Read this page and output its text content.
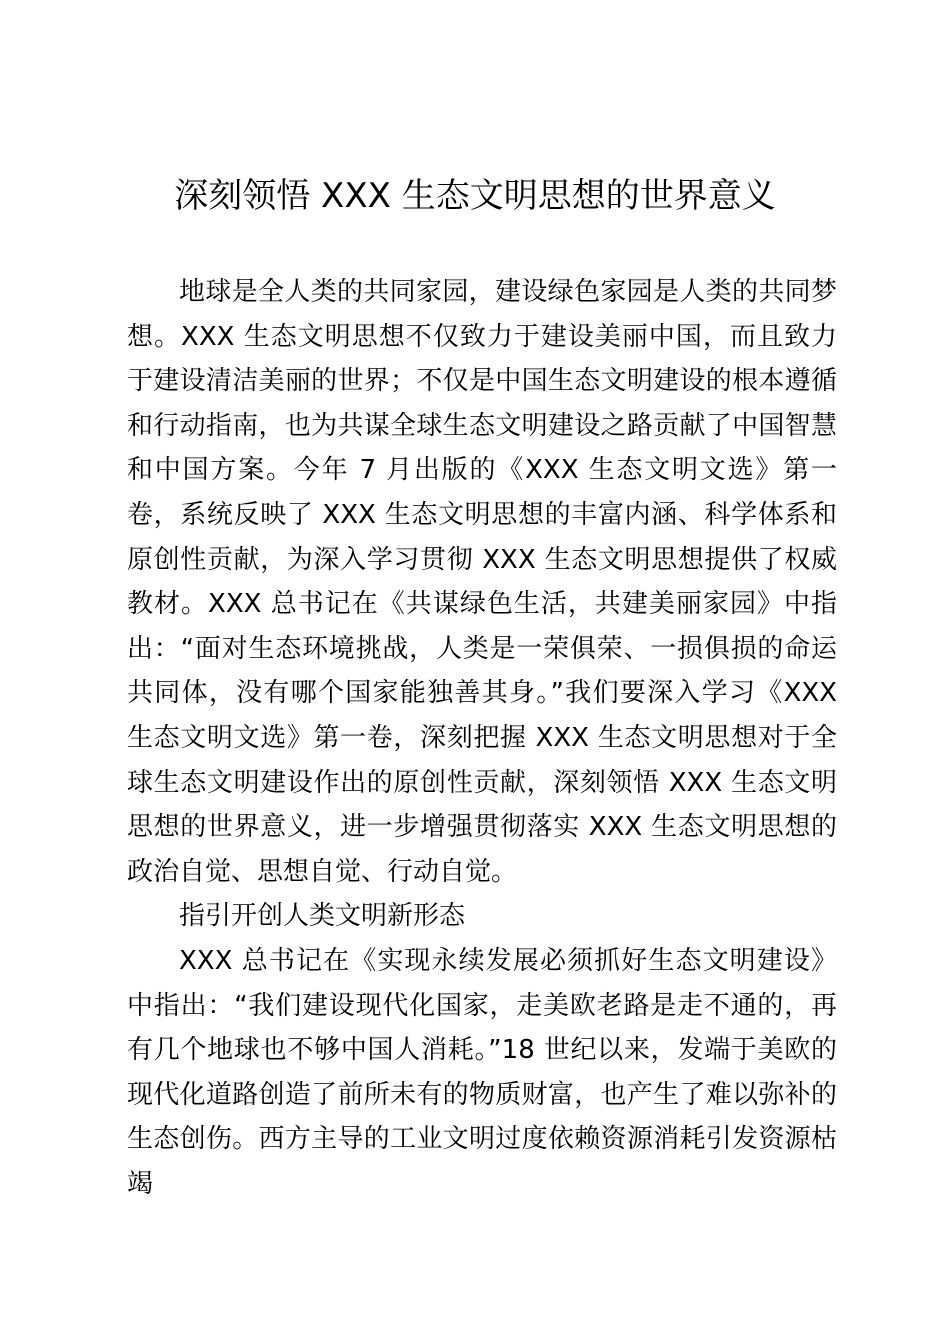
深刻领悟 XXX 生态文明思想的世界意义

地球是全人类的共同家园，建设绿色家园是人类的共同梦想。XXX 生态文明思想不仅致力于建设美丽中国，而且致力于建设清洁美丽的世界；不仅是中国生态文明建设的根本遵循和行动指南，也为共谋全球生态文明建设之路贡献了中国智慧和中国方案。今年 7 月出版的《XXX 生态文明文选》第一卷，系统反映了 XXX 生态文明思想的丰富内涵、科学体系和原创性贡献，为深入学习贯彻 XXX 生态文明思想提供了权威教材。XXX 总书记在《共谋绿色生活，共建美丽家园》中指出：“面对生态环境挑战，人类是一荣俱荣、一损俱损的命运共同体，没有哪个国家能独善其身。”我们要深入学习《XXX 生态文明文选》第一卷，深刻把握 XXX 生态文明思想对于全球生态文明建设作出的原创性贡献，深刻领悟 XXX 生态文明思想的世界意义，进一步增强贯彻落实 XXX 生态文明思想的政治自觉、思想自觉、行动自觉。

指引开创人类文明新形态

XXX 总书记在《实现永续发展必须抓好生态文明建设》中指出：“我们建设现代化国家，走美欧老路是走不通的，再有几个地球也不够中国人消耗。”18 世纪以来，发端于美欧的现代化道路创造了前所未有的物质财富，也产生了难以弥补的生态创伤。西方主导的工业文明过度依赖资源消耗引发资源枯竭
